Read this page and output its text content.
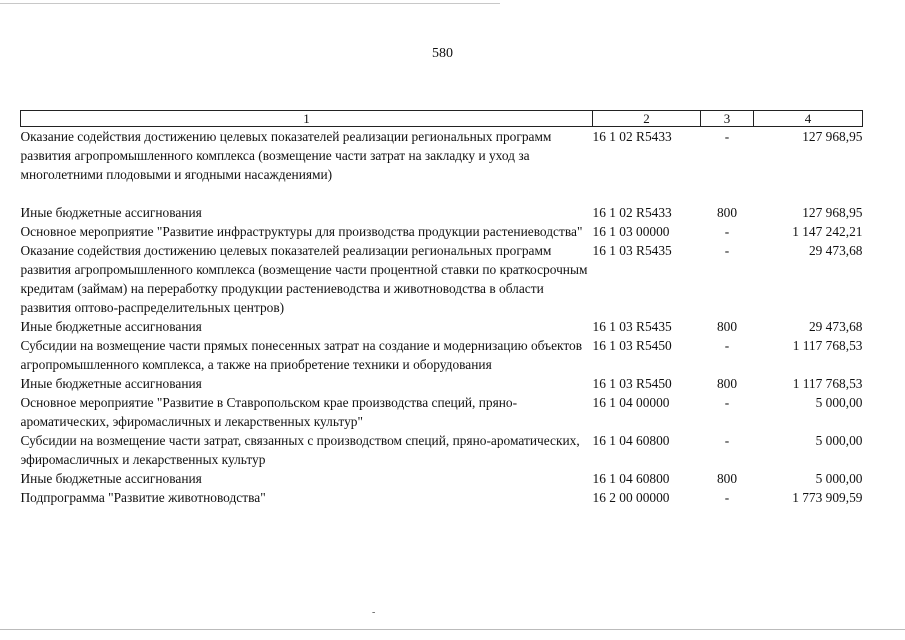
580
1	2	3	4
Оказание содействия достижению целевых показателей реализации региональных программ развития агропромышленного комплекса (возмещение части затрат на закладку и уход за многолетними плодовыми и ягодными насаждениями)	16 1 02 R5433	-	127 968,95
Иные бюджетные ассигнования	16 1 02 R5433	800	127 968,95
Основное мероприятие "Развитие инфраструктуры для производства продукции растениеводства"	16 1 03 00000	-	1 147 242,21
Оказание содействия достижению целевых показателей реализации региональных программ развития агропромышленного комплекса (возмещение части процентной ставки по краткосрочным кредитам (займам) на переработку продукции растениеводства и животноводства в области развития оптово-распределительных центров)	16 1 03 R5435	-	29 473,68
Иные бюджетные ассигнования	16 1 03 R5435	800	29 473,68
Субсидии на возмещение части прямых понесенных затрат на создание и модернизацию объектов агропромышленного комплекса, а также на приобретение техники и оборудования	16 1 03 R5450	-	1 117 768,53
Иные бюджетные ассигнования	16 1 03 R5450	800	1 117 768,53
Основное мероприятие "Развитие в Ставропольском крае производства специй, пряно-ароматических, эфиромасличных и лекарственных культур"	16 1 04 00000	-	5 000,00
Субсидии на возмещение части затрат, связанных с производством специй, пряно-ароматических, эфиромасличных и лекарственных культур	16 1 04 60800	-	5 000,00
Иные бюджетные ассигнования	16 1 04 60800	800	5 000,00
Подпрограмма "Развитие животноводства"	16 2 00 00000	-	1 773 909,59
-
